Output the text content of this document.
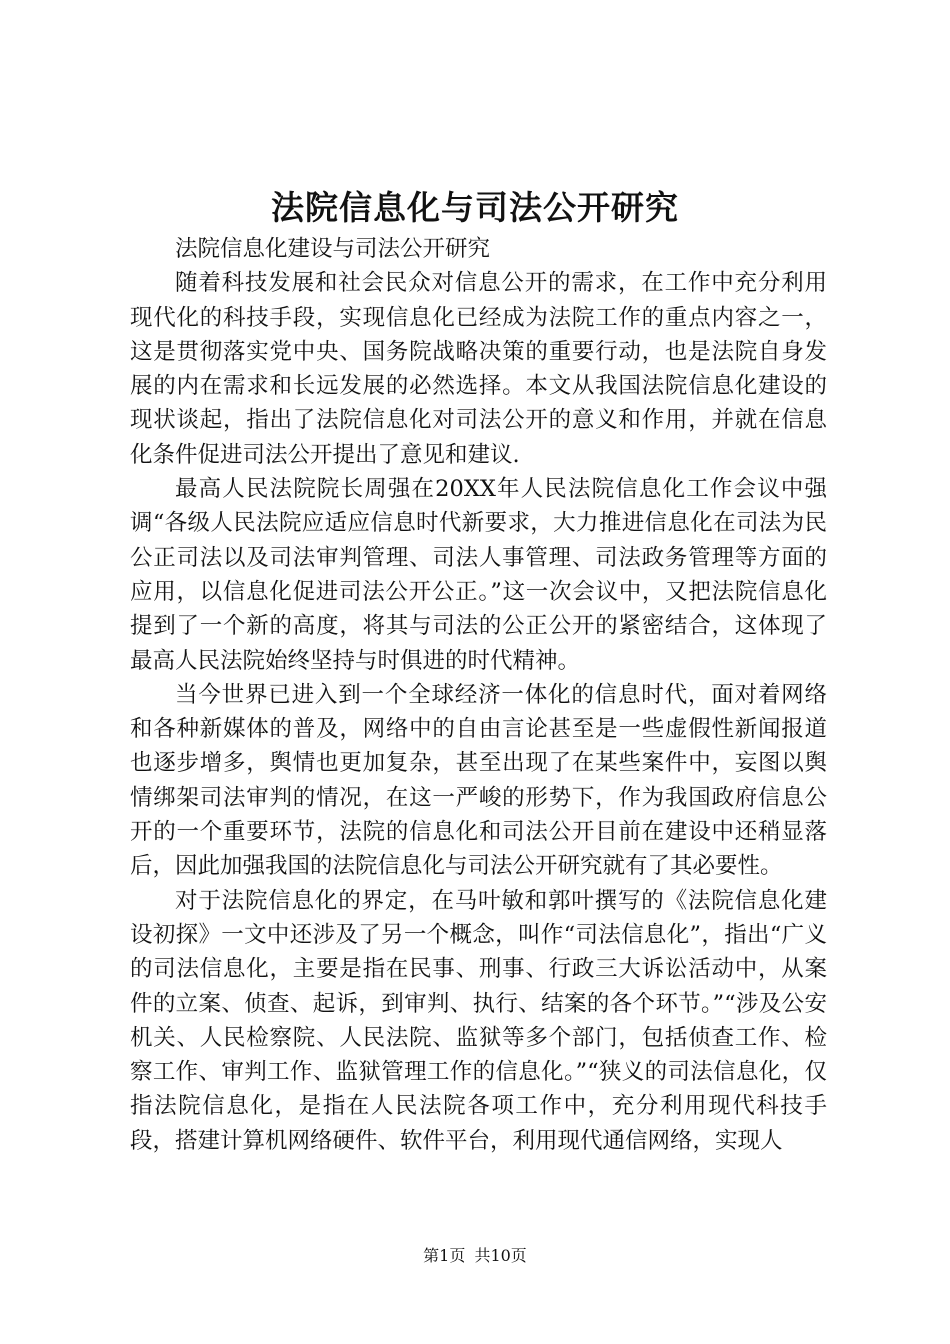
法院信息化与司法公开研究

法院信息化建设与司法公开研究

随着科技发展和社会民众对信息公开的需求，在工作中充分利用现代化的科技手段，实现信息化已经成为法院工作的重点内容之一，这是贯彻落实党中央、国务院战略决策的重要行动，也是法院自身发展的内在需求和长远发展的必然选择。本文从我国法院信息化建设的现状谈起，指出了法院信息化对司法公开的意义和作用，并就在信息化条件促进司法公开提出了意见和建议.

最高人民法院院长周强在20XX年人民法院信息化工作会议中强调“各级人民法院应适应信息时代新要求，大力推进信息化在司法为民公正司法以及司法审判管理、司法人事管理、司法政务管理等方面的应用，以信息化促进司法公开公正。”这一次会议中，又把法院信息化提到了一个新的高度，将其与司法的公正公开的紧密结合，这体现了最高人民法院始终坚持与时俱进的时代精神。

当今世界已进入到一个全球经济一体化的信息时代，面对着网络和各种新媒体的普及，网络中的自由言论甚至是一些虚假性新闻报道也逐步增多，舆情也更加复杂，甚至出现了在某些案件中，妄图以舆情绑架司法审判的情况，在这一严峻的形势下，作为我国政府信息公开的一个重要环节，法院的信息化和司法公开目前在建设中还稍显落后，因此加强我国的法院信息化与司法公开研究就有了其必要性。

对于法院信息化的界定，在马叶敏和郭叶撰写的《法院信息化建设初探》一文中还涉及了另一个概念，叫作“司法信息化”，指出“广义的司法信息化，主要是指在民事、刑事、行政三大诉讼活动中，从案件的立案、侦查、起诉，到审判、执行、结案的各个环节。”“涉及公安机关、人民检察院、人民法院、监狱等多个部门，包括侦查工作、检察工作、审判工作、监狱管理工作的信息化。”“狭义的司法信息化，仅指法院信息化，是指在人民法院各项工作中，充分利用现代科技手段，搭建计算机网络硬件、软件平台，利用现代通信网络，实现人

第1页 共10页
